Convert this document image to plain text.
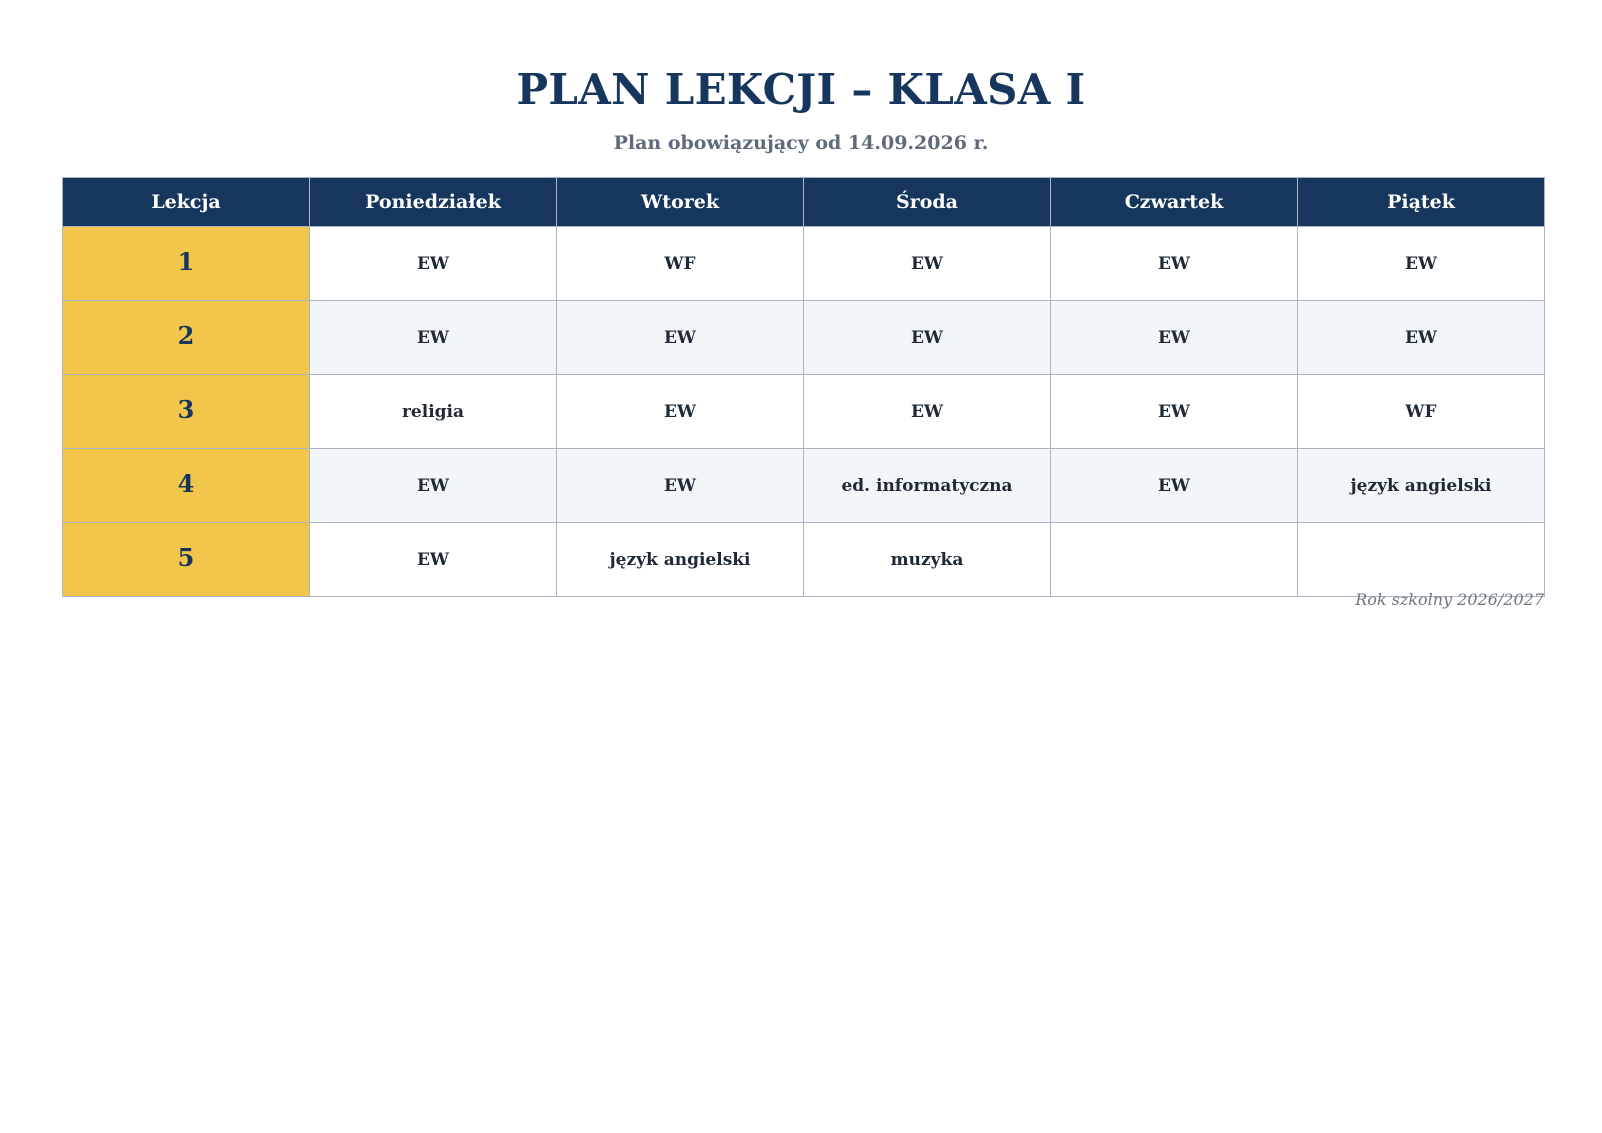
PLAN LEKCJI – KLASA I
Plan obowiązujący od 14.09.2026 r.
Lekcja	Poniedziałek	Wtorek	Środa	Czwartek	Piątek
1	EW	WF	EW	EW	EW
2	EW	EW	EW	EW	EW
3	religia	EW	EW	EW	WF
4	EW	EW	ed. informatyczna	EW	język angielski
5	EW	język angielski	muzyka		
Rok szkolny 2026/2027
